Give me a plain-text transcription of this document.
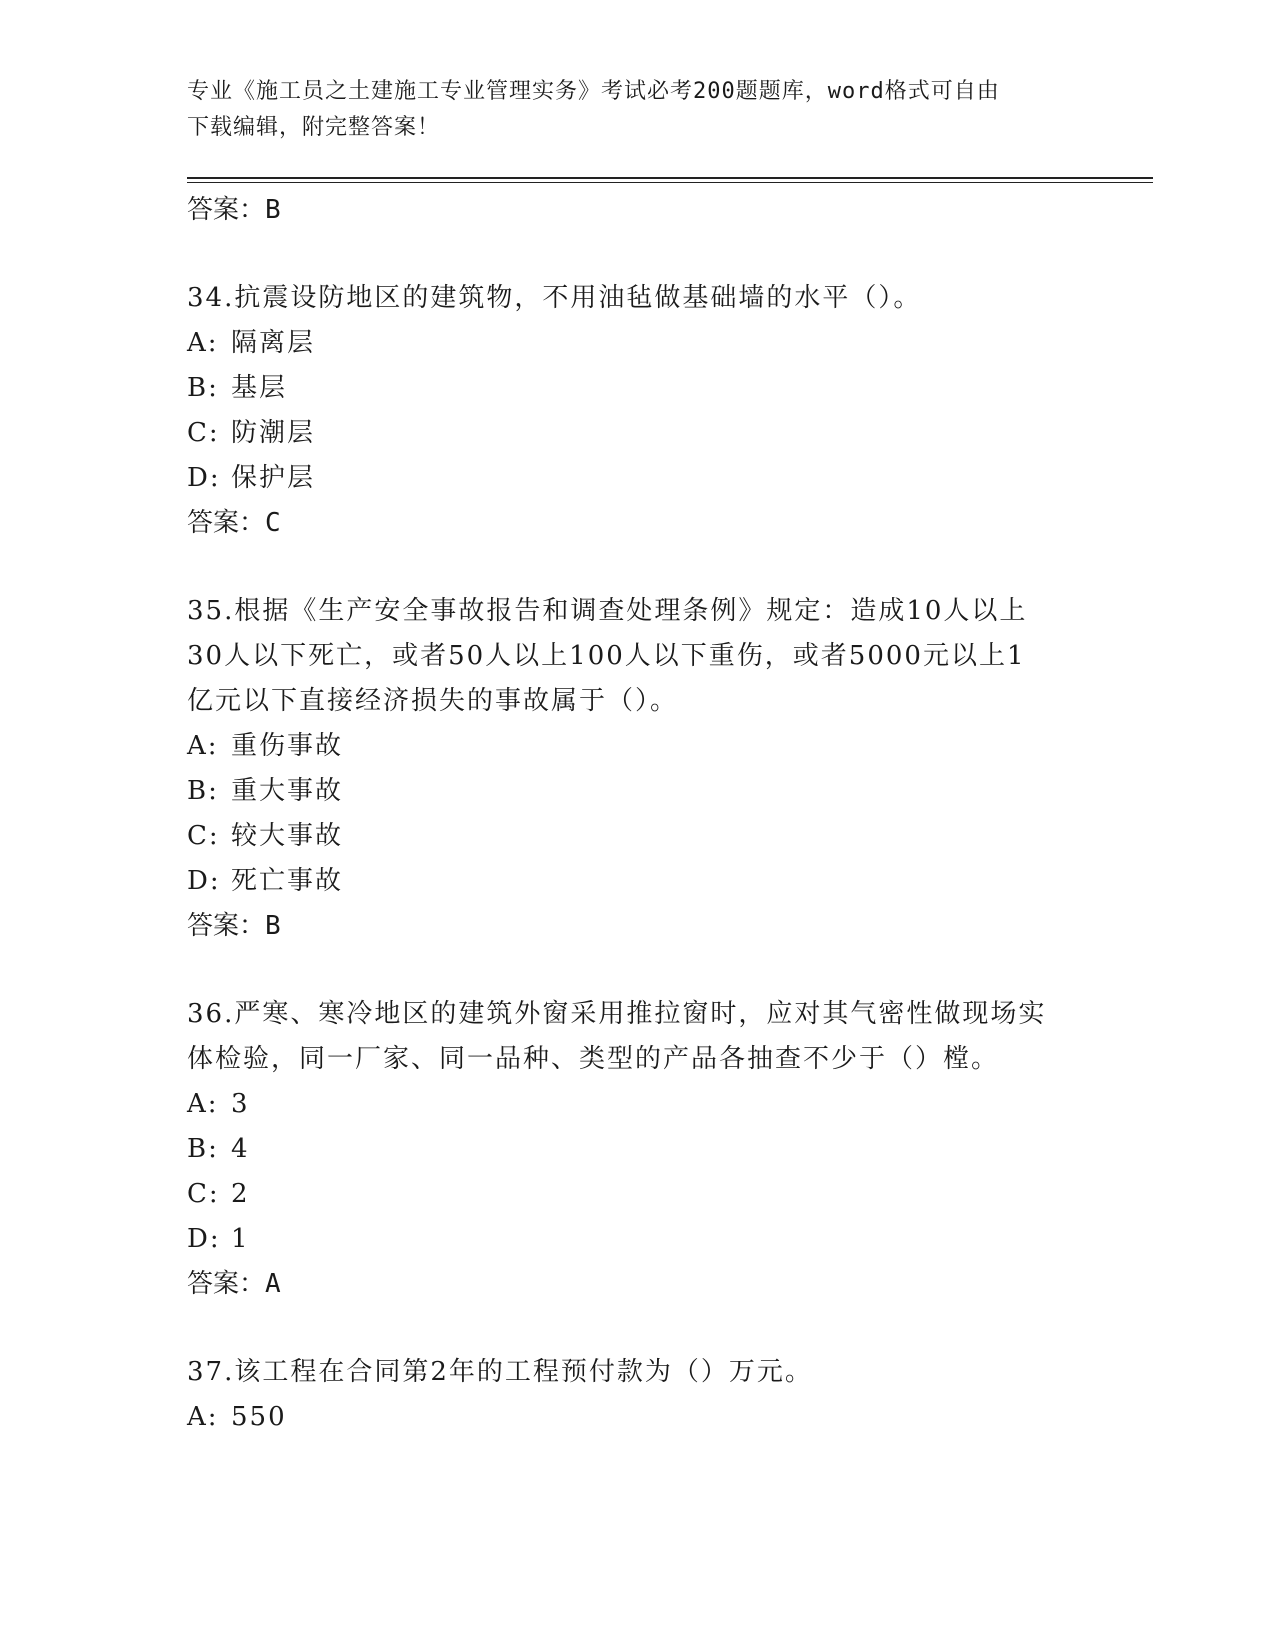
专业《施工员之土建施工专业管理实务》考试必考200题题库，word格式可自由
下载编辑，附完整答案！

答案：B

34.抗震设防地区的建筑物，不用油毡做基础墙的水平（）。

A: 隔离层
B: 基层
C: 防潮层
D: 保护层

答案：C

35.根据《生产安全事故报告和调查处理条例》规定：造成10人以上

30人以下死亡，或者50人以上100人以下重伤，或者5000元以上1

亿元以下直接经济损失的事故属于（）。

A: 重伤事故
B: 重大事故
C: 较大事故
D: 死亡事故

答案：B

36.严寒、寒冷地区的建筑外窗采用推拉窗时，应对其气密性做现场实

体检验，同一厂家、同一品种、类型的产品各抽查不少于（）樘。

A: 3
B: 4
C: 2
D: 1

答案：A

37.该工程在合同第2年的工程预付款为（）万元。

A: 550
